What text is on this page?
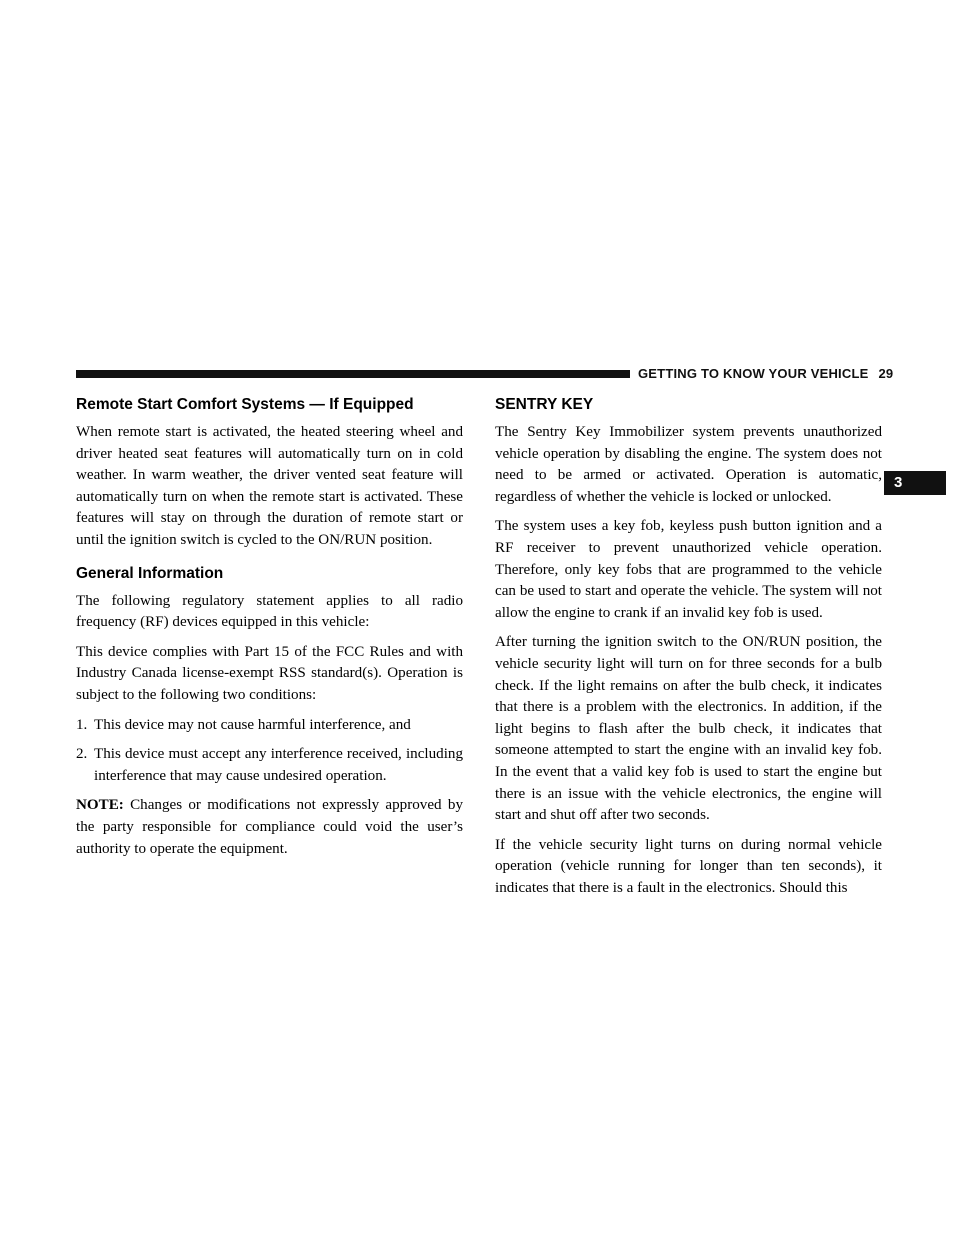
GETTING TO KNOW YOUR VEHICLE 29
3
Remote Start Comfort Systems — If Equipped

When remote start is activated, the heated steering wheel and driver heated seat features will automatically turn on in cold weather. In warm weather, the driver vented seat feature will automatically turn on when the remote start is activated. These features will stay on through the duration of remote start or until the ignition switch is cycled to the ON/RUN position.

General Information

The following regulatory statement applies to all radio frequency (RF) devices equipped in this vehicle:

This device complies with Part 15 of the FCC Rules and with Industry Canada license-exempt RSS standard(s). Operation is subject to the following two conditions:

1. This device may not cause harmful interference, and
2. This device must accept any interference received, including interference that may cause undesired operation.

NOTE: Changes or modifications not expressly approved by the party responsible for compliance could void the user’s authority to operate the equipment.

SENTRY KEY

The Sentry Key Immobilizer system prevents unauthorized vehicle operation by disabling the engine. The system does not need to be armed or activated. Operation is automatic, regardless of whether the vehicle is locked or unlocked.

The system uses a key fob, keyless push button ignition and a RF receiver to prevent unauthorized vehicle operation. Therefore, only key fobs that are programmed to the vehicle can be used to start and operate the vehicle. The system will not allow the engine to crank if an invalid key fob is used.

After turning the ignition switch to the ON/RUN position, the vehicle security light will turn on for three seconds for a bulb check. If the light remains on after the bulb check, it indicates that there is a problem with the electronics. In addition, if the light begins to flash after the bulb check, it indicates that someone attempted to start the engine with an invalid key fob. In the event that a valid key fob is used to start the engine but there is an issue with the vehicle electronics, the engine will start and shut off after two seconds.

If the vehicle security light turns on during normal vehicle operation (vehicle running for longer than ten seconds), it indicates that there is a fault in the electronics. Should this
